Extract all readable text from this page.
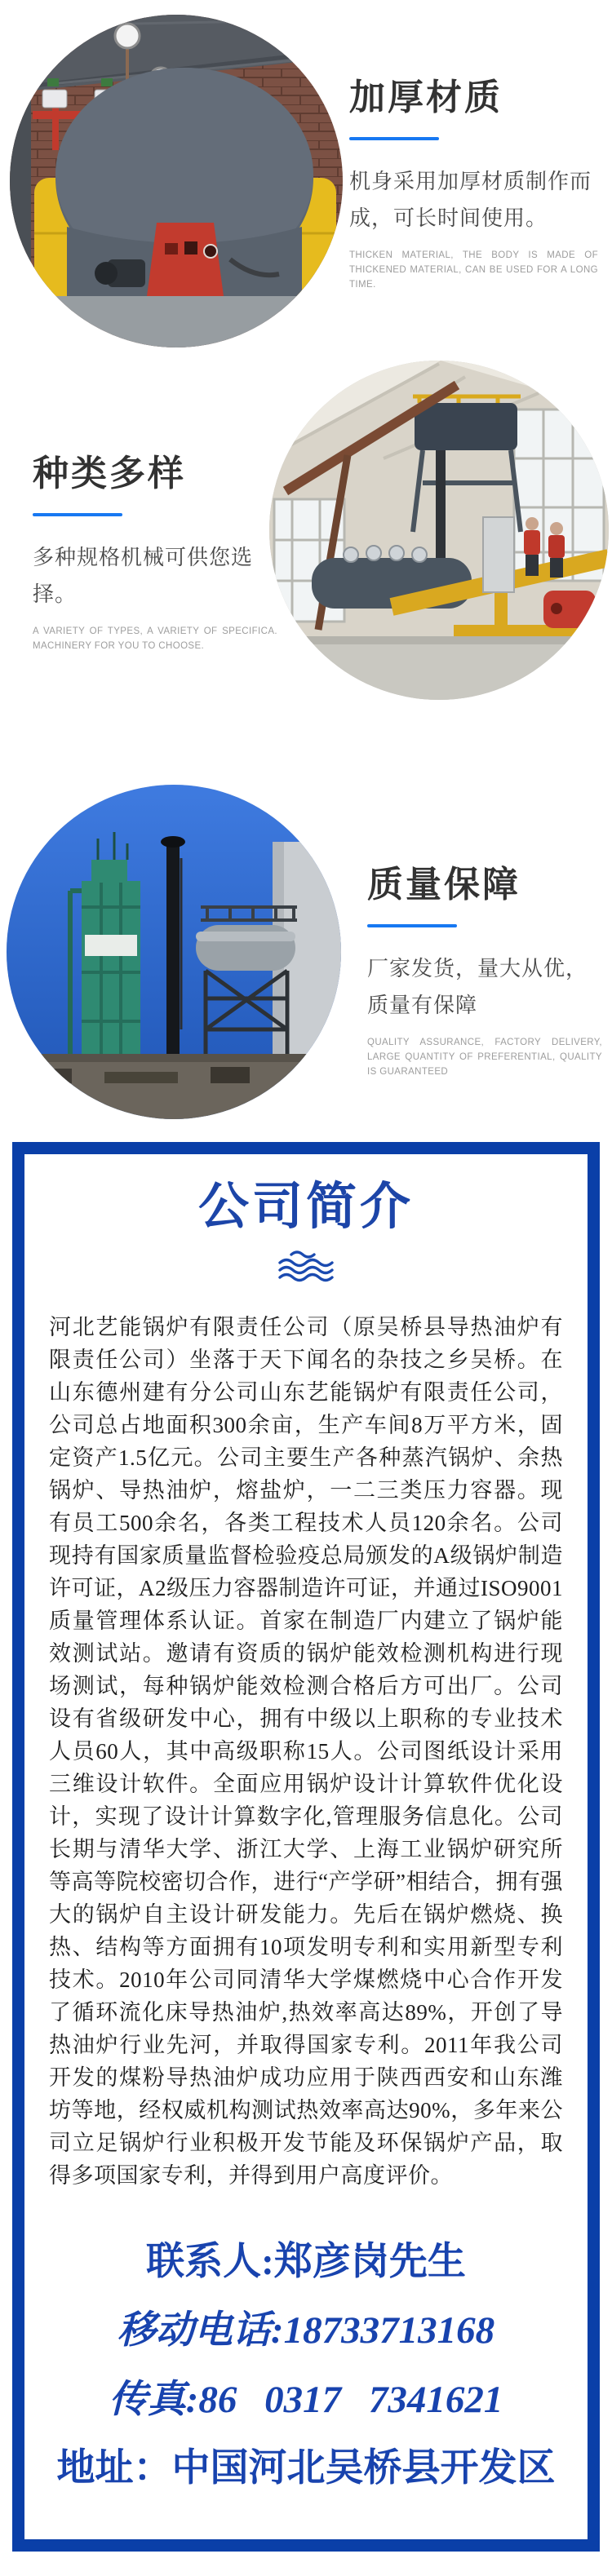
加厚材质

机身采用加厚材质制作而成，可长时间使用。

THICKEN MATERIAL, THE BODY IS MADE OF THICKENED MATERIAL, CAN BE USED FOR A LONG TIME.

种类多样

多种规格机械可供您选择。

A VARIETY OF TYPES, A VARIETY OF SPECIFICA. MACHINERY FOR YOU TO CHOOSE.

质量保障

厂家发货，量大从优，质量有保障

QUALITY ASSURANCE, FACTORY DELIVERY, LARGE QUANTITY OF PREFERENTIAL, QUALITY IS GUARANTEED

公司简介

河北艺能锅炉有限责任公司（原吴桥县导热油炉有限责任公司）坐落于天下闻名的杂技之乡吴桥。在山东德州建有分公司山东艺能锅炉有限责任公司，公司总占地面积300余亩，生产车间8万平方米，固定资产1.5亿元。公司主要生产各种蒸汽锅炉、余热锅炉、导热油炉，熔盐炉，一二三类压力容器。现有员工500余名，各类工程技术人员120余名。公司现持有国家质量监督检验疫总局颁发的A级锅炉制造许可证，A2级压力容器制造许可证，并通过ISO9001质量管理体系认证。首家在制造厂内建立了锅炉能效测试站。邀请有资质的锅炉能效检测机构进行现场测试，每种锅炉能效检测合格后方可出厂。公司设有省级研发中心，拥有中级以上职称的专业技术人员60人，其中高级职称15人。公司图纸设计采用三维设计软件。全面应用锅炉设计计算软件优化设计，实现了设计计算数字化,管理服务信息化。公司长期与清华大学、浙江大学、上海工业锅炉研究所等高等院校密切合作，进行“产学研”相结合，拥有强大的锅炉自主设计研发能力。先后在锅炉燃烧、换热、结构等方面拥有10项发明专利和实用新型专利技术。2010年公司同清华大学煤燃烧中心合作开发了循环流化床导热油炉,热效率高达89%，开创了导热油炉行业先河，并取得国家专利。2011年我公司开发的煤粉导热油炉成功应用于陕西西安和山东潍坊等地，经权威机构测试热效率高达90%，多年来公司立足锅炉行业积极开发节能及环保锅炉产品，取得多项国家专利，并得到用户高度评价。

联系人:郑彦岗先生

移动电话:18733713168

传真:86 0317 7341621

地址：中国河北吴桥县开发区
